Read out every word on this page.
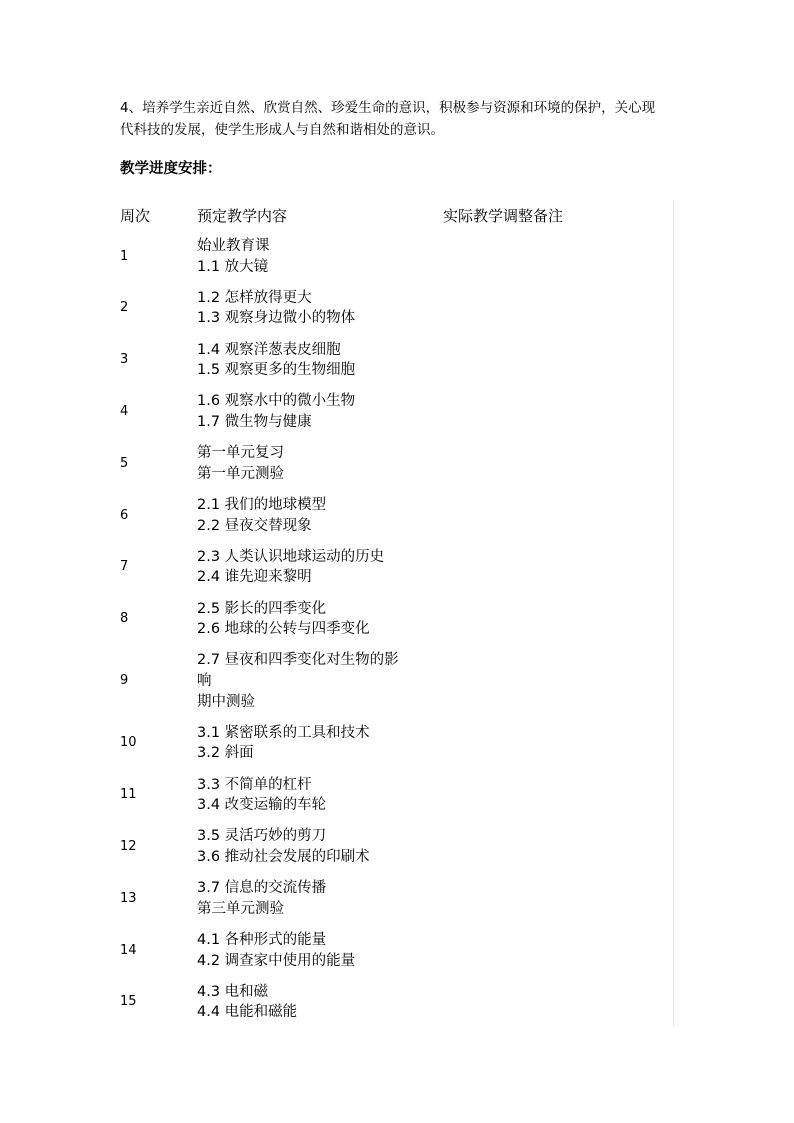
4、培养学生亲近自然、欣赏自然、珍爱生命的意识，积极参与资源和环境的保护，关心现
代科技的发展，使学生形成人与自然和谐相处的意识。
教学进度安排：
周次	预定教学内容	实际教学调整备注
1
始业教育课
1.1 放大镜
2
1.2 怎样放得更大
1.3 观察身边微小的物体
3
1.4 观察洋葱表皮细胞
1.5 观察更多的生物细胞
4
1.6 观察水中的微小生物
1.7 微生物与健康
5
第一单元复习
第一单元测验
6
2.1 我们的地球模型
2.2 昼夜交替现象
7
2.3 人类认识地球运动的历史
2.4 谁先迎来黎明
8
2.5 影长的四季变化
2.6 地球的公转与四季变化
9
2.7 昼夜和四季变化对生物的影
响
期中测验
10
3.1 紧密联系的工具和技术
3.2 斜面
11
3.3 不简单的杠杆
3.4 改变运输的车轮
12
3.5 灵活巧妙的剪刀
3.6 推动社会发展的印刷术
13
3.7 信息的交流传播
第三单元测验
14
4.1 各种形式的能量
4.2 调查家中使用的能量
15
4.3 电和磁
4.4 电能和磁能
